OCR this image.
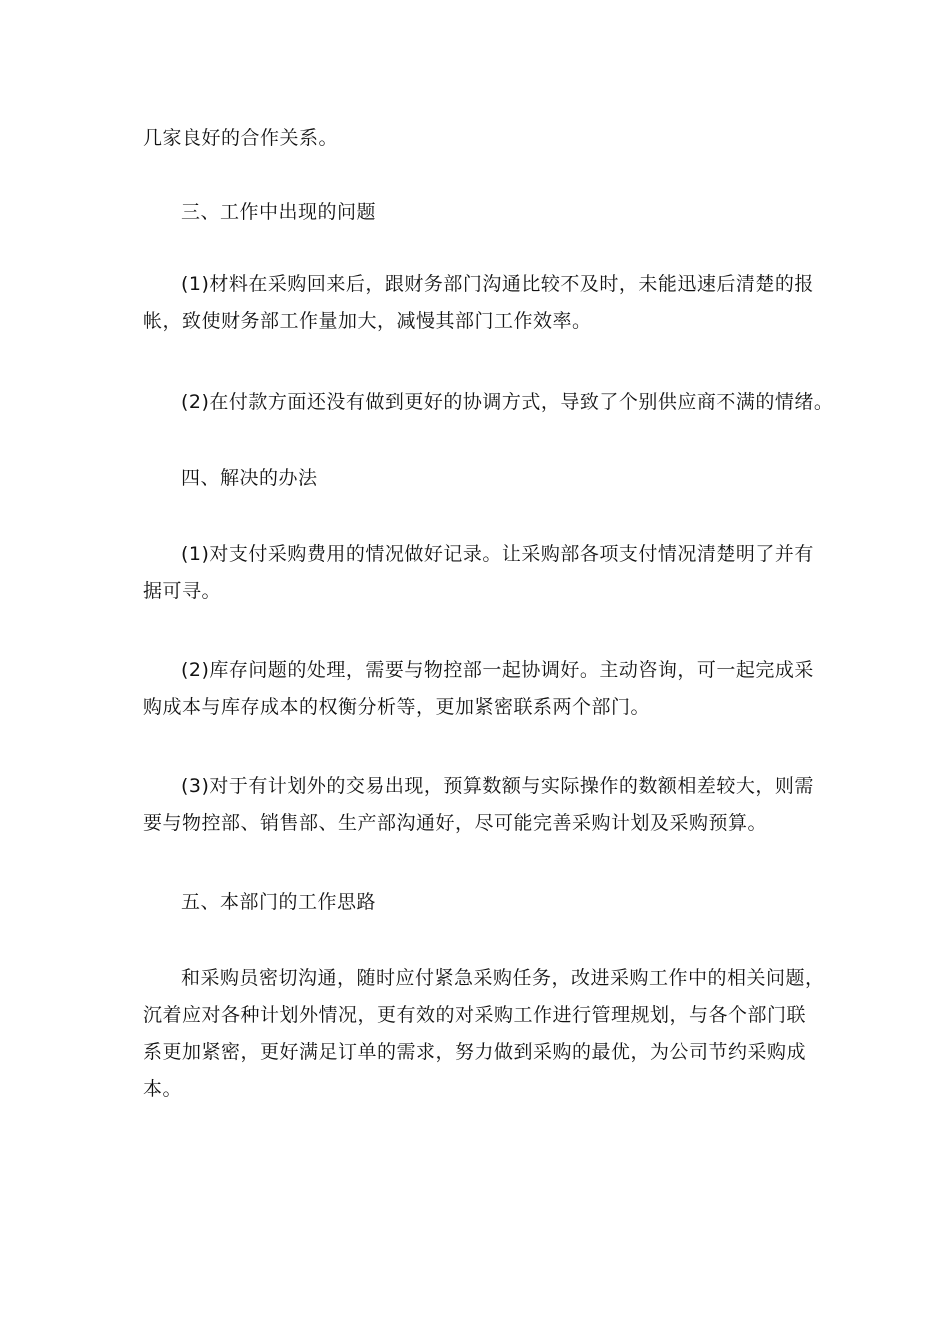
几家良好的合作关系。
三、工作中出现的问题
(1)材料在采购回来后，跟财务部门沟通比较不及时，未能迅速后清楚的报
帐，致使财务部工作量加大，减慢其部门工作效率。
(2)在付款方面还没有做到更好的协调方式，导致了个别供应商不满的情绪。
四、解决的办法
(1)对支付采购费用的情况做好记录。让采购部各项支付情况清楚明了并有
据可寻。
(2)库存问题的处理，需要与物控部一起协调好。主动咨询，可一起完成采
购成本与库存成本的权衡分析等，更加紧密联系两个部门。
(3)对于有计划外的交易出现，预算数额与实际操作的数额相差较大，则需
要与物控部、销售部、生产部沟通好，尽可能完善采购计划及采购预算。
五、本部门的工作思路
和采购员密切沟通，随时应付紧急采购任务，改进采购工作中的相关问题，
沉着应对各种计划外情况，更有效的对采购工作进行管理规划，与各个部门联
系更加紧密，更好满足订单的需求，努力做到采购的最优，为公司节约采购成
本。
